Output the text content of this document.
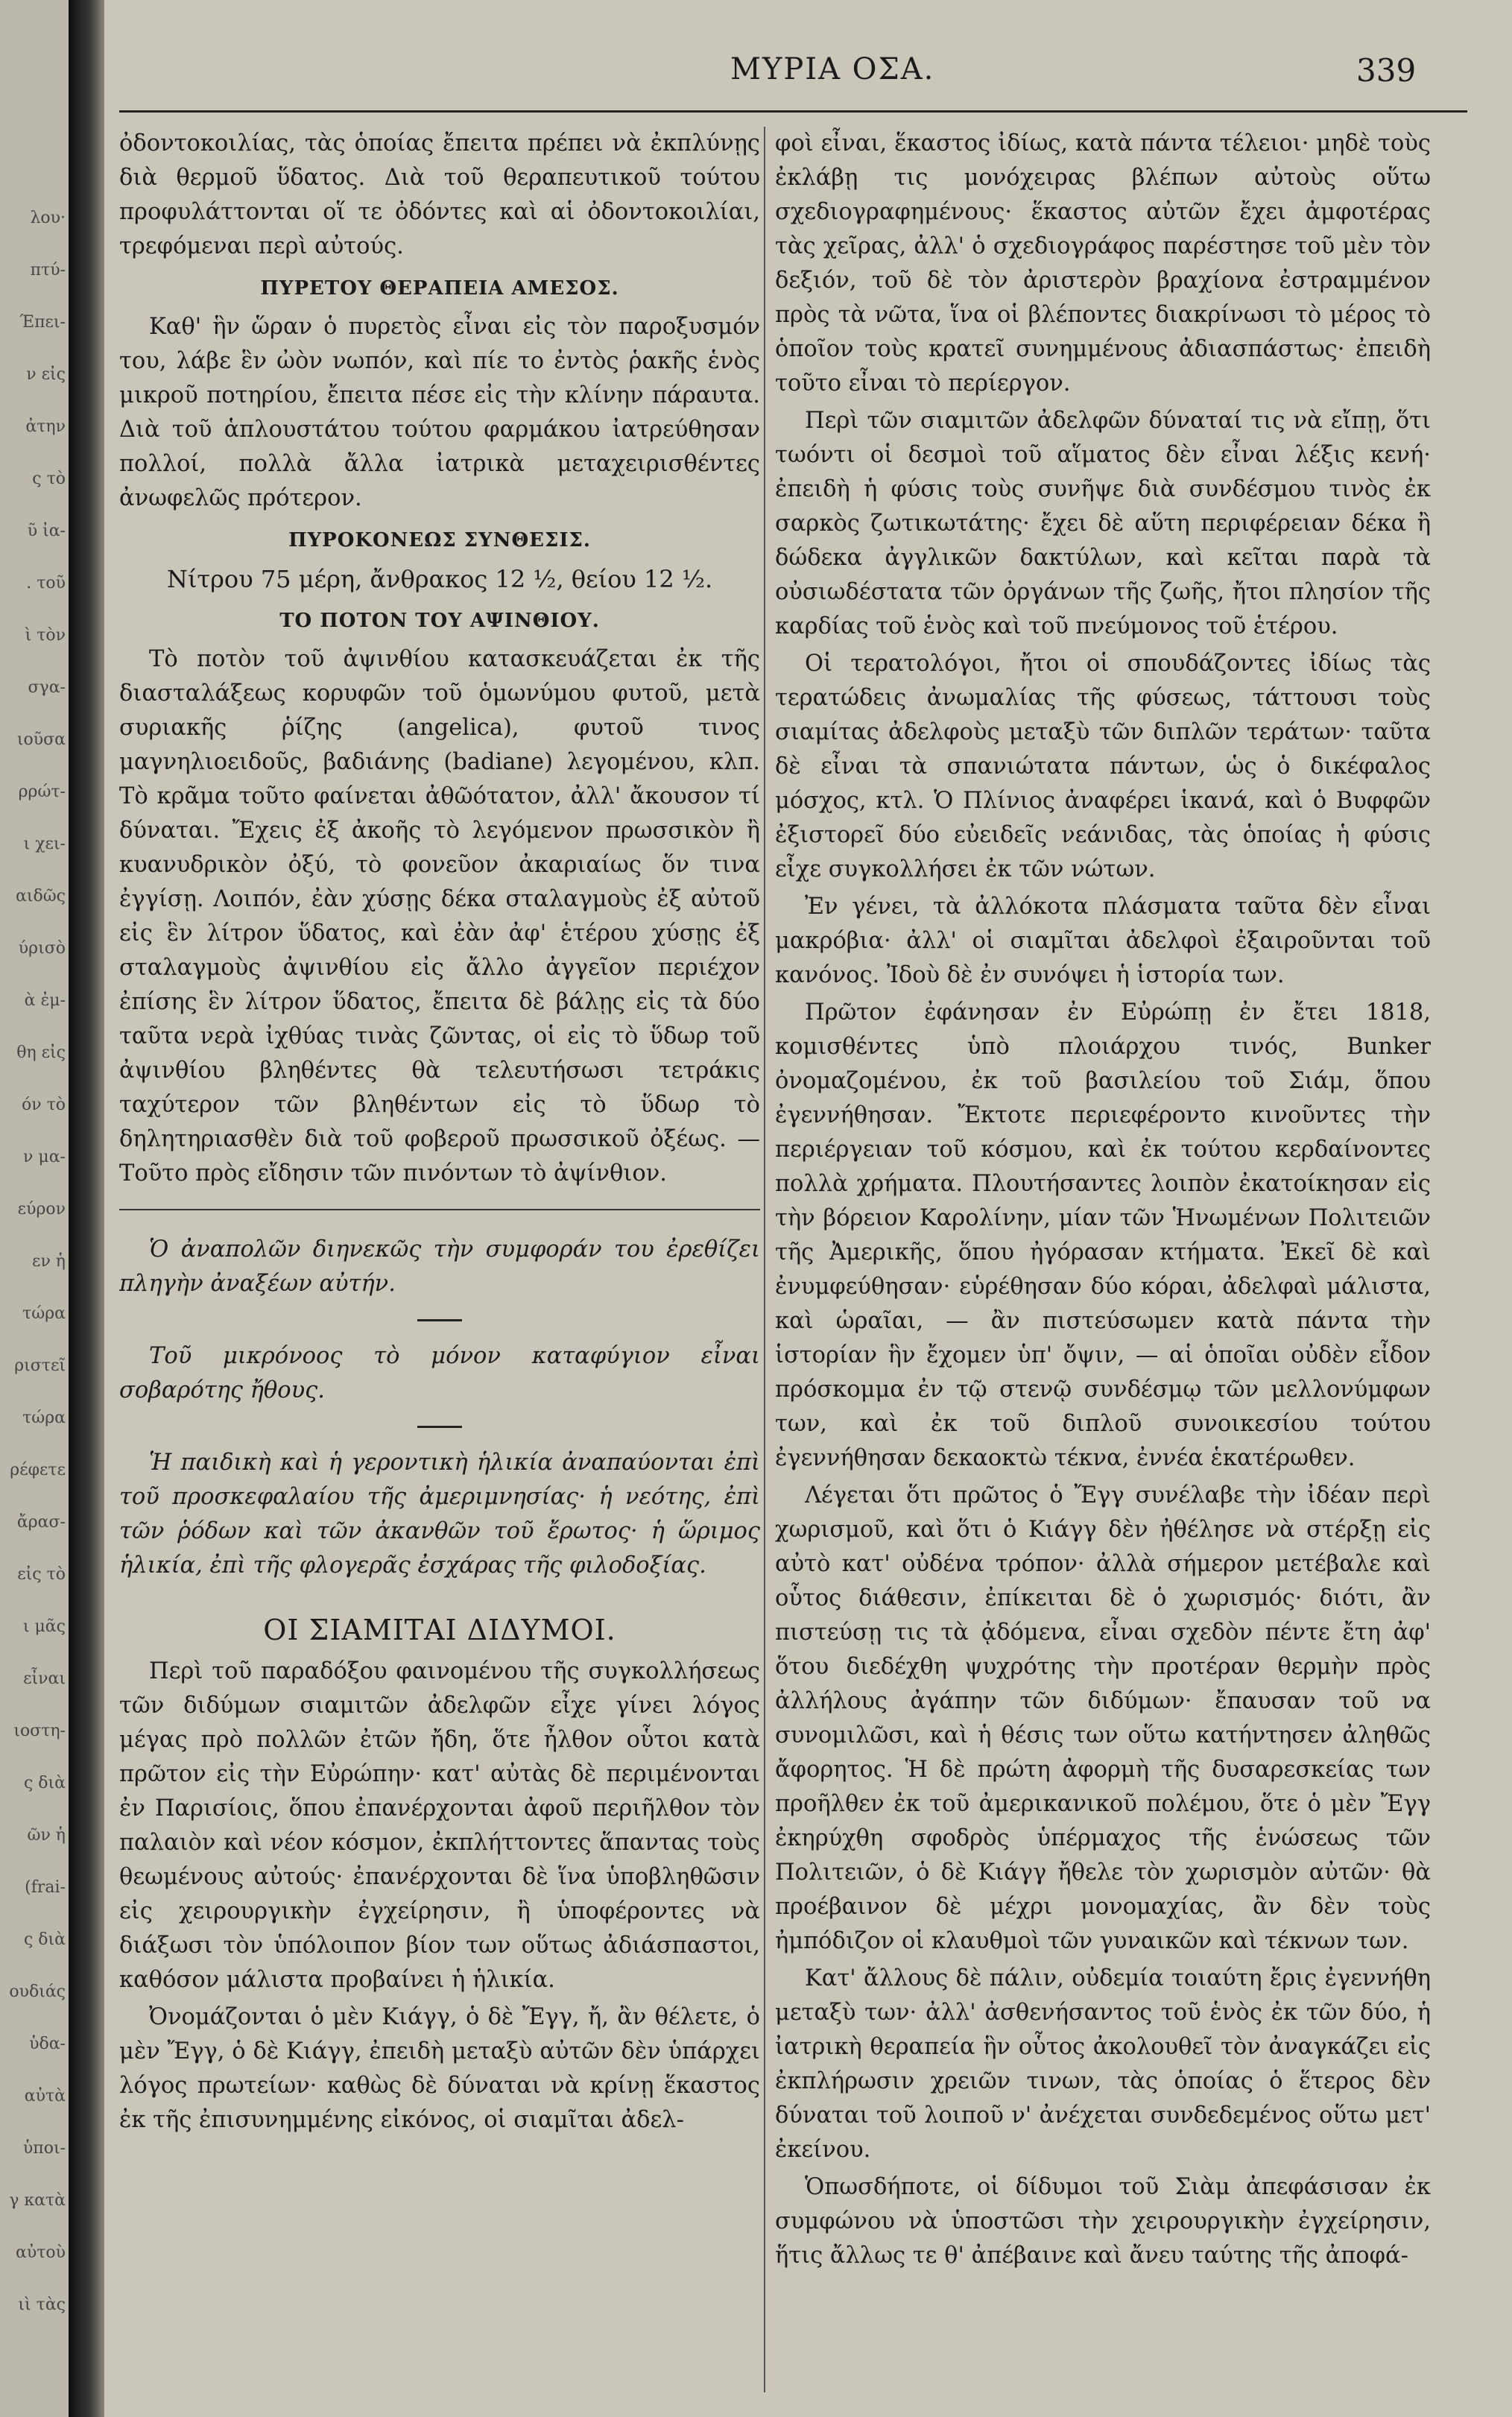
λου·
πτύ-
Έπει-
ν εἰς
ἀτην
ς τὸ
ῦ ἰα-
. τοῦ
ὶ τὸν
σγα-
ιοῦσα
ρρώτ-
ι χει-
αιδῶς
ύρισὸ
ὰ ἐμ-
θη εἰς
όν τὸ
ν μα-
εύρον
εν ἡ
τώρα
ριστεῖ
τώρα
ρέφετε
ἄρασ-
εἰς τὸ
ι μᾶς
εἶναι
ιοστη-
ς διὰ
ῶν ἡ
(frai-
ς διὰ
ουδιάς
ὑδα-
αὐτὰ
ὑποι-
γ κατὰ
αὐτοὺ
ιὶ τὰς
ΜΥΡΙΑ ΟΣΑ.	339

ὀδοντοκοιλίας, τὰς ὁποίας ἔπειτα πρέπει νὰ ἐκπλύνῃς διὰ θερμοῦ ὕδατος. Διὰ τοῦ θεραπευτικοῦ τούτου προφυλάττονται οἵ τε ὀδόντες καὶ αἱ ὀδοντοκοιλίαι, τρεφόμεναι περὶ αὐτούς.

ΠΥΡΕΤΟΥ ΘΕΡΑΠΕΙΑ ΑΜΕΣΟΣ.

Καθ' ἣν ὥραν ὁ πυρετὸς εἶναι εἰς τὸν παροξυσμόν του, λάβε ἓν ὠὸν νωπόν, καὶ πίε το ἐντὸς ῥακῆς ἑνὸς μικροῦ ποτηρίου, ἔπειτα πέσε εἰς τὴν κλίνην πάραυτα. Διὰ τοῦ ἁπλουστάτου τούτου φαρμάκου ἰατρεύθησαν πολλοί, πολλὰ ἄλλα ἰατρικὰ μεταχειρισθέντες ἀνωφελῶς πρότερον.

ΠΥΡΟΚΟΝΕΩΣ ΣΥΝΘΕΣΙΣ.

Νίτρου 75 μέρη, ἄνθρακος 12 ½, θείου 12 ½.

ΤΟ ΠΟΤΟΝ ΤΟΥ ΑΨΙΝΘΙΟΥ.

Τὸ ποτὸν τοῦ ἀψινθίου κατασκευάζεται ἐκ τῆς διασταλάξεως κορυφῶν τοῦ ὁμωνύμου φυτοῦ, μετὰ συριακῆς ῥίζης (angelica), φυτοῦ τινος μαγνηλιοειδοῦς, βαδιάνης (badiane) λεγομένου, κλπ. Τὸ κρᾶμα τοῦτο φαίνεται ἀθῶότατον, ἀλλ' ἄκουσον τί δύναται. Ἔχεις ἐξ ἀκοῆς τὸ λεγόμενον πρωσσικὸν ἢ κυανυδρικὸν ὀξύ, τὸ φονεῦον ἀκαριαίως ὅν τινα ἐγγίσῃ. Λοιπόν, ἐὰν χύσῃς δέκα σταλαγμοὺς ἐξ αὐτοῦ εἰς ἓν λίτρον ὕδατος, καὶ ἐὰν ἀφ' ἑτέρου χύσῃς ἐξ σταλαγμοὺς ἀψινθίου εἰς ἄλλο ἀγγεῖον περιέχον ἐπίσης ἓν λίτρον ὕδατος, ἔπειτα δὲ βάλῃς εἰς τὰ δύο ταῦτα νερὰ ἰχθύας τινὰς ζῶντας, οἱ εἰς τὸ ὕδωρ τοῦ ἀψινθίου βληθέντες θὰ τελευτήσωσι τετράκις ταχύτερον τῶν βληθέντων εἰς τὸ ὕδωρ τὸ δηλητηριασθὲν διὰ τοῦ φοβεροῦ πρωσσικοῦ ὀξέως. — Τοῦτο πρὸς εἴδησιν τῶν πινόντων τὸ ἀψίνθιον.

Ὁ ἀναπολῶν διηνεκῶς τὴν συμφοράν του ἐρεθίζει πληγὴν ἀναξέων αὐτήν.

Τοῦ μικρόνοος τὸ μόνον καταφύγιον εἶναι σοβαρότης ἤθους.

Ἡ παιδικὴ καὶ ἡ γεροντικὴ ἡλικία ἀναπαύονται ἐπὶ τοῦ προσκεφαλαίου τῆς ἀμεριμνησίας· ἡ νεότης, ἐπὶ τῶν ῥόδων καὶ τῶν ἀκανθῶν τοῦ ἔρωτος· ἡ ὥριμος ἡλικία, ἐπὶ τῆς φλογερᾶς ἐσχάρας τῆς φιλοδοξίας.

ΟΙ ΣΙΑΜΙΤΑΙ ΔΙΔΥΜΟΙ.

Περὶ τοῦ παραδόξου φαινομένου τῆς συγκολλήσεως τῶν διδύμων σιαμιτῶν ἀδελφῶν εἶχε γίνει λόγος μέγας πρὸ πολλῶν ἐτῶν ἤδη, ὅτε ἦλθον οὗτοι κατὰ πρῶτον εἰς τὴν Εὐρώπην· κατ' αὐτὰς δὲ περιμένονται ἐν Παρισίοις, ὅπου ἐπανέρχονται ἀφοῦ περιῆλθον τὸν παλαιὸν καὶ νέον κόσμον, ἐκπλήττοντες ἅπαντας τοὺς θεωμένους αὐτούς· ἐπανέρχονται δὲ ἵνα ὑποβληθῶσιν εἰς χειρουργικὴν ἐγχείρησιν, ἢ ὑποφέροντες νὰ διάξωσι τὸν ὑπόλοιπον βίον των οὕτως ἀδιάσπαστοι, καθόσον μάλιστα προβαίνει ἡ ἡλικία.

Ὀνομάζονται ὁ μὲν Κιάγγ, ὁ δὲ Ἔγγ, ἤ, ἂν θέλετε, ὁ μὲν Ἔγγ, ὁ δὲ Κιάγγ, ἐπειδὴ μεταξὺ αὐτῶν δὲν ὑπάρχει λόγος πρωτείων· καθὼς δὲ δύναται νὰ κρίνῃ ἕκαστος ἐκ τῆς ἐπισυνημμένης εἰκόνος, οἱ σιαμῖται ἀδελ-

φοὶ εἶναι, ἕκαστος ἰδίως, κατὰ πάντα τέλειοι· μηδὲ τοὺς ἐκλάβῃ τις μονόχειρας βλέπων αὐτοὺς οὕτω σχεδιογραφημένους· ἕκαστος αὐτῶν ἔχει ἀμφοτέρας τὰς χεῖρας, ἀλλ' ὁ σχεδιογράφος παρέστησε τοῦ μὲν τὸν δεξιόν, τοῦ δὲ τὸν ἀριστερὸν βραχίονα ἐστραμμένον πρὸς τὰ νῶτα, ἵνα οἱ βλέποντες διακρίνωσι τὸ μέρος τὸ ὁποῖον τοὺς κρατεῖ συνημμένους ἀδιασπάστως· ἐπειδὴ τοῦτο εἶναι τὸ περίεργον.

Περὶ τῶν σιαμιτῶν ἀδελφῶν δύναταί τις νὰ εἴπῃ, ὅτι τωόντι οἱ δεσμοὶ τοῦ αἵματος δὲν εἶναι λέξις κενή· ἐπειδὴ ἡ φύσις τοὺς συνῆψε διὰ συνδέσμου τινὸς ἐκ σαρκὸς ζωτικωτάτης· ἔχει δὲ αὕτη περιφέρειαν δέκα ἢ δώδεκα ἀγγλικῶν δακτύλων, καὶ κεῖται παρὰ τὰ οὐσιωδέστατα τῶν ὀργάνων τῆς ζωῆς, ἤτοι πλησίον τῆς καρδίας τοῦ ἑνὸς καὶ τοῦ πνεύμονος τοῦ ἑτέρου.

Οἱ τερατολόγοι, ἤτοι οἱ σπουδάζοντες ἰδίως τὰς τερατώδεις ἀνωμαλίας τῆς φύσεως, τάττουσι τοὺς σιαμίτας ἀδελφοὺς μεταξὺ τῶν διπλῶν τεράτων· ταῦτα δὲ εἶναι τὰ σπανιώτατα πάντων, ὡς ὁ δικέφαλος μόσχος, κτλ. Ὁ Πλίνιος ἀναφέρει ἱκανά, καὶ ὁ Βυφφῶν ἐξιστορεῖ δύο εὐειδεῖς νεάνιδας, τὰς ὁποίας ἡ φύσις εἶχε συγκολλήσει ἐκ τῶν νώτων.

Ἐν γένει, τὰ ἀλλόκοτα πλάσματα ταῦτα δὲν εἶναι μακρόβια· ἀλλ' οἱ σιαμῖται ἀδελφοὶ ἐξαιροῦνται τοῦ κανόνος. Ἰδοὺ δὲ ἐν συνόψει ἡ ἱστορία των.

Πρῶτον ἐφάνησαν ἐν Εὐρώπῃ ἐν ἔτει 1818, κομισθέντες ὑπὸ πλοιάρχου τινός, Bunker ὀνομαζομένου, ἐκ τοῦ βασιλείου τοῦ Σιάμ, ὅπου ἐγεννήθησαν. Ἔκτοτε περιεφέροντο κινοῦντες τὴν περιέργειαν τοῦ κόσμου, καὶ ἐκ τούτου κερδαίνοντες πολλὰ χρήματα. Πλουτήσαντες λοιπὸν ἐκατοίκησαν εἰς τὴν βόρειον Καρολίνην, μίαν τῶν Ἡνωμένων Πολιτειῶν τῆς Ἀμερικῆς, ὅπου ἠγόρασαν κτήματα. Ἐκεῖ δὲ καὶ ἐνυμφεύθησαν· εὑρέθησαν δύο κόραι, ἀδελφαὶ μάλιστα, καὶ ὡραῖαι, — ἂν πιστεύσωμεν κατὰ πάντα τὴν ἱστορίαν ἣν ἔχομεν ὑπ' ὄψιν, — αἱ ὁποῖαι οὐδὲν εἶδον πρόσκομμα ἐν τῷ στενῷ συνδέσμῳ τῶν μελλονύμφων των, καὶ ἐκ τοῦ διπλοῦ συνοικεσίου τούτου ἐγεννήθησαν δεκαοκτὼ τέκνα, ἐννέα ἑκατέρωθεν.

Λέγεται ὅτι πρῶτος ὁ Ἔγγ συνέλαβε τὴν ἰδέαν περὶ χωρισμοῦ, καὶ ὅτι ὁ Κιάγγ δὲν ἠθέλησε νὰ στέρξῃ εἰς αὐτὸ κατ' οὐδένα τρόπον· ἀλλὰ σήμερον μετέβαλε καὶ οὗτος διάθεσιν, ἐπίκειται δὲ ὁ χωρισμός· διότι, ἂν πιστεύσῃ τις τὰ ᾀδόμενα, εἶναι σχεδὸν πέντε ἔτη ἀφ' ὅτου διεδέχθη ψυχρότης τὴν προτέραν θερμὴν πρὸς ἀλλήλους ἀγάπην τῶν διδύμων· ἔπαυσαν τοῦ να συνομιλῶσι, καὶ ἡ θέσις των οὕτω κατήντησεν ἀληθῶς ἄφορητος. Ἡ δὲ πρώτη ἀφορμὴ τῆς δυσαρεσκείας των προῆλθεν ἐκ τοῦ ἀμερικανικοῦ πολέμου, ὅτε ὁ μὲν Ἔγγ ἐκηρύχθη σφοδρὸς ὑπέρμαχος τῆς ἑνώσεως τῶν Πολιτειῶν, ὁ δὲ Κιάγγ ἤθελε τὸν χωρισμὸν αὐτῶν· θὰ προέβαινον δὲ μέχρι μονομαχίας, ἂν δὲν τοὺς ἠμπόδιζον οἱ κλαυθμοὶ τῶν γυναικῶν καὶ τέκνων των.

Κατ' ἄλλους δὲ πάλιν, οὐδεμία τοιαύτη ἔρις ἐγεννήθη μεταξὺ των· ἀλλ' ἀσθενήσαντος τοῦ ἑνὸς ἐκ τῶν δύο, ἡ ἰατρικὴ θεραπεία ἣν οὗτος ἀκολουθεῖ τὸν ἀναγκάζει εἰς ἐκπλήρωσιν χρειῶν τινων, τὰς ὁποίας ὁ ἕτερος δὲν δύναται τοῦ λοιποῦ ν' ἀνέχεται συνδεδεμένος οὕτω μετ' ἐκείνου.

Ὁπωσδήποτε, οἱ δίδυμοι τοῦ Σιὰμ ἀπεφάσισαν ἐκ συμφώνου νὰ ὑποστῶσι τὴν χειρουργικὴν ἐγχείρησιν, ἥτις ἄλλως τε θ' ἀπέβαινε καὶ ἄνευ ταύτης τῆς ἀποφά-
